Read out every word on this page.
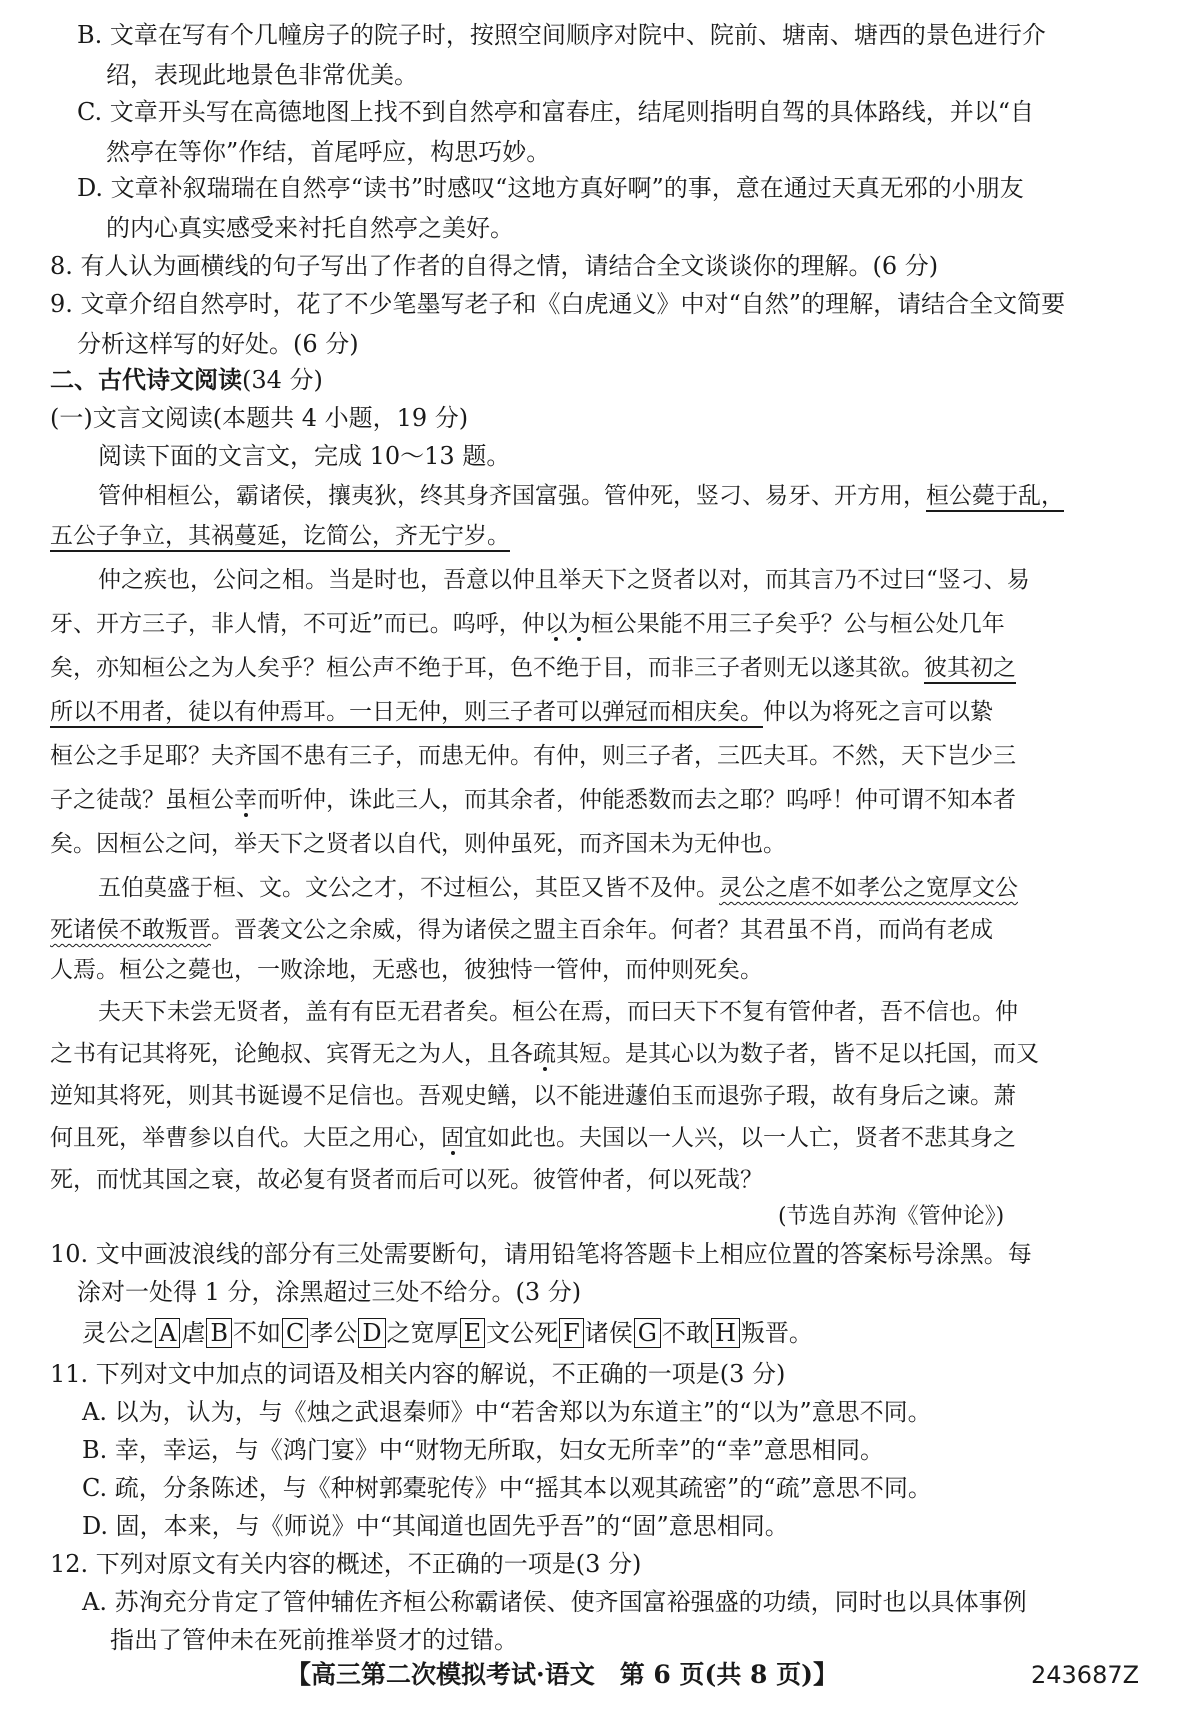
B. 文章在写有个几幢房子的院子时，按照空间顺序对院中、院前、塘南、塘西的景色进行介
绍，表现此地景色非常优美。
C. 文章开头写在高德地图上找不到自然亭和富春庄，结尾则指明自驾的具体路线，并以“自
然亭在等你”作结，首尾呼应，构思巧妙。
D. 文章补叙瑞瑞在自然亭“读书”时感叹“这地方真好啊”的事，意在通过天真无邪的小朋友
的内心真实感受来衬托自然亭之美好。
8. 有人认为画横线的句子写出了作者的自得之情，请结合全文谈谈你的理解。(6 分)
9. 文章介绍自然亭时，花了不少笔墨写老子和《白虎通义》中对“自然”的理解，请结合全文简要
分析这样写的好处。(6 分)
二、古代诗文阅读(34 分)
(一)文言文阅读(本题共 4 小题，19 分)
阅读下面的文言文，完成 10～13 题。
管仲相桓公，霸诸侯，攘夷狄，终其身齐国富强。管仲死，竖刁、易牙、开方用，桓公薨于乱，
五公子争立，其祸蔓延，讫简公，齐无宁岁。
仲之疾也，公问之相。当是时也，吾意以仲且举天下之贤者以对，而其言乃不过曰“竖刁、易
牙、开方三子，非人情，不可近”而已。呜呼，仲以为桓公果能不用三子矣乎？公与桓公处几年
矣，亦知桓公之为人矣乎？桓公声不绝于耳，色不绝于目，而非三子者则无以遂其欲。彼其初之
所以不用者，徒以有仲焉耳。一日无仲，则三子者可以弹冠而相庆矣。仲以为将死之言可以絷
桓公之手足耶？夫齐国不患有三子，而患无仲。有仲，则三子者，三匹夫耳。不然，天下岂少三
子之徒哉？虽桓公幸而听仲，诛此三人，而其余者，仲能悉数而去之耶？呜呼！仲可谓不知本者
矣。因桓公之问，举天下之贤者以自代，则仲虽死，而齐国未为无仲也。
五伯莫盛于桓、文。文公之才，不过桓公，其臣又皆不及仲。灵公之虐不如孝公之宽厚文公
死诸侯不敢叛晋。晋袭文公之余威，得为诸侯之盟主百余年。何者？其君虽不肖，而尚有老成
人焉。桓公之薨也，一败涂地，无惑也，彼独恃一管仲，而仲则死矣。
夫天下未尝无贤者，盖有有臣无君者矣。桓公在焉，而曰天下不复有管仲者，吾不信也。仲
之书有记其将死，论鲍叔、宾胥无之为人，且各疏其短。是其心以为数子者，皆不足以托国，而又
逆知其将死，则其书诞谩不足信也。吾观史鳝，以不能进蘧伯玉而退弥子瑕，故有身后之谏。萧
何且死，举曹参以自代。大臣之用心，固宜如此也。夫国以一人兴，以一人亡，贤者不悲其身之
死，而忧其国之衰，故必复有贤者而后可以死。彼管仲者，何以死哉？
(节选自苏洵《管仲论》)
10. 文中画波浪线的部分有三处需要断句，请用铅笔将答题卡上相应位置的答案标号涂黑。每
涂对一处得 1 分，涂黑超过三处不给分。(3 分)
灵公之 A 虐 B 不如 C 孝公 D 之宽厚 E 文公死 F 诸侯 G 不敢 H 叛晋。
11. 下列对文中加点的词语及相关内容的解说，不正确的一项是(3 分)
A. 以为，认为，与《烛之武退秦师》中“若舍郑以为东道主”的“以为”意思不同。
B. 幸，幸运，与《鸿门宴》中“财物无所取，妇女无所幸”的“幸”意思相同。
C. 疏，分条陈述，与《种树郭橐驼传》中“摇其本以观其疏密”的“疏”意思不同。
D. 固，本来，与《师说》中“其闻道也固先乎吾”的“固”意思相同。
12. 下列对原文有关内容的概述，不正确的一项是(3 分)
A. 苏洵充分肯定了管仲辅佐齐桓公称霸诸侯、使齐国富裕强盛的功绩，同时也以具体事例
指出了管仲未在死前推举贤才的过错。
【高三第二次模拟考试·语文　第 6 页(共 8 页)】	243687Z
